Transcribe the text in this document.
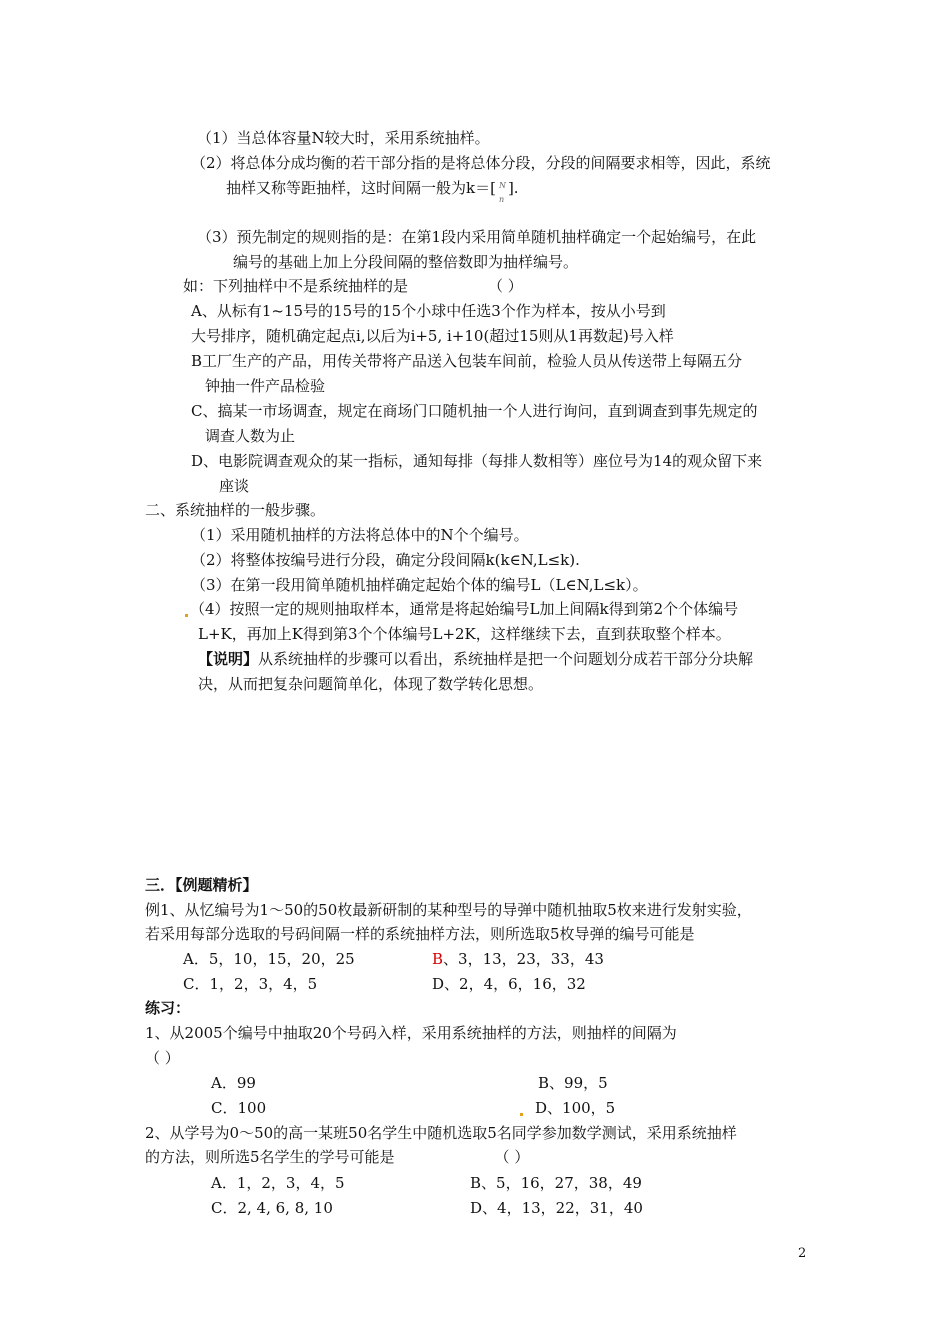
（1）当总体容量N较大时，采用系统抽样。
（2）将总体分成均衡的若干部分指的是将总体分段，分段的间隔要求相等，因此，系统
抽样又称等距抽样，这时间隔一般为k＝[ N
n
].
（3）预先制定的规则指的是：在第1段内采用简单随机抽样确定一个起始编号，在此
编号的基础上加上分段间隔的整倍数即为抽样编号。
如：下列抽样中不是系统抽样的是	（ ）
A、从标有1~15号的15号的15个小球中任选3个作为样本，按从小号到
大号排序，随机确定起点i,以后为i+5, i+10(超过15则从1再数起)号入样
B工厂生产的产品，用传关带将产品送入包装车间前，检验人员从传送带上每隔五分
钟抽一件产品检验
C、搞某一市场调查，规定在商场门口随机抽一个人进行询问，直到调查到事先规定的
调查人数为止
D、电影院调查观众的某一指标，通知每排（每排人数相等）座位号为14的观众留下来
座谈
二、系统抽样的一般步骤。
（1）采用随机抽样的方法将总体中的N个个编号。
（2）将整体按编号进行分段，确定分段间隔k(k∈N,L≤k).
（3）在第一段用简单随机抽样确定起始个体的编号L（L∈N,L≤k）。
（4）按照一定的规则抽取样本，通常是将起始编号L加上间隔k得到第2个个体编号
L+K，再加上K得到第3个个体编号L+2K，这样继续下去，直到获取整个样本。
【说明】从系统抽样的步骤可以看出，系统抽样是把一个问题划分成若干部分分块解
决，从而把复杂问题简单化，体现了数学转化思想。
三．【例题精析】
例1、从忆编号为1～50的50枚最新研制的某种型号的导弹中随机抽取5枚来进行发射实验，
若采用每部分选取的号码间隔一样的系统抽样方法，则所选取5枚导弹的编号可能是
A．5，10，15，20，25	B、3，13，23，33，43
C．1，2，3，4，5	D、2，4，6，16，32
练习：
1、从2005个编号中抽取20个号码入样，采用系统抽样的方法，则抽样的间隔为
（ ）
A．99	B、99，5
C．100	D、100，5
2、从学号为0～50的高一某班50名学生中随机选取5名同学参加数学测试，采用系统抽样
的方法，则所选5名学生的学号可能是	（ ）
A．1，2，3，4，5	B、5，16，27，38，49
C．2, 4, 6, 8, 10	D、4，13，22，31，40
2
